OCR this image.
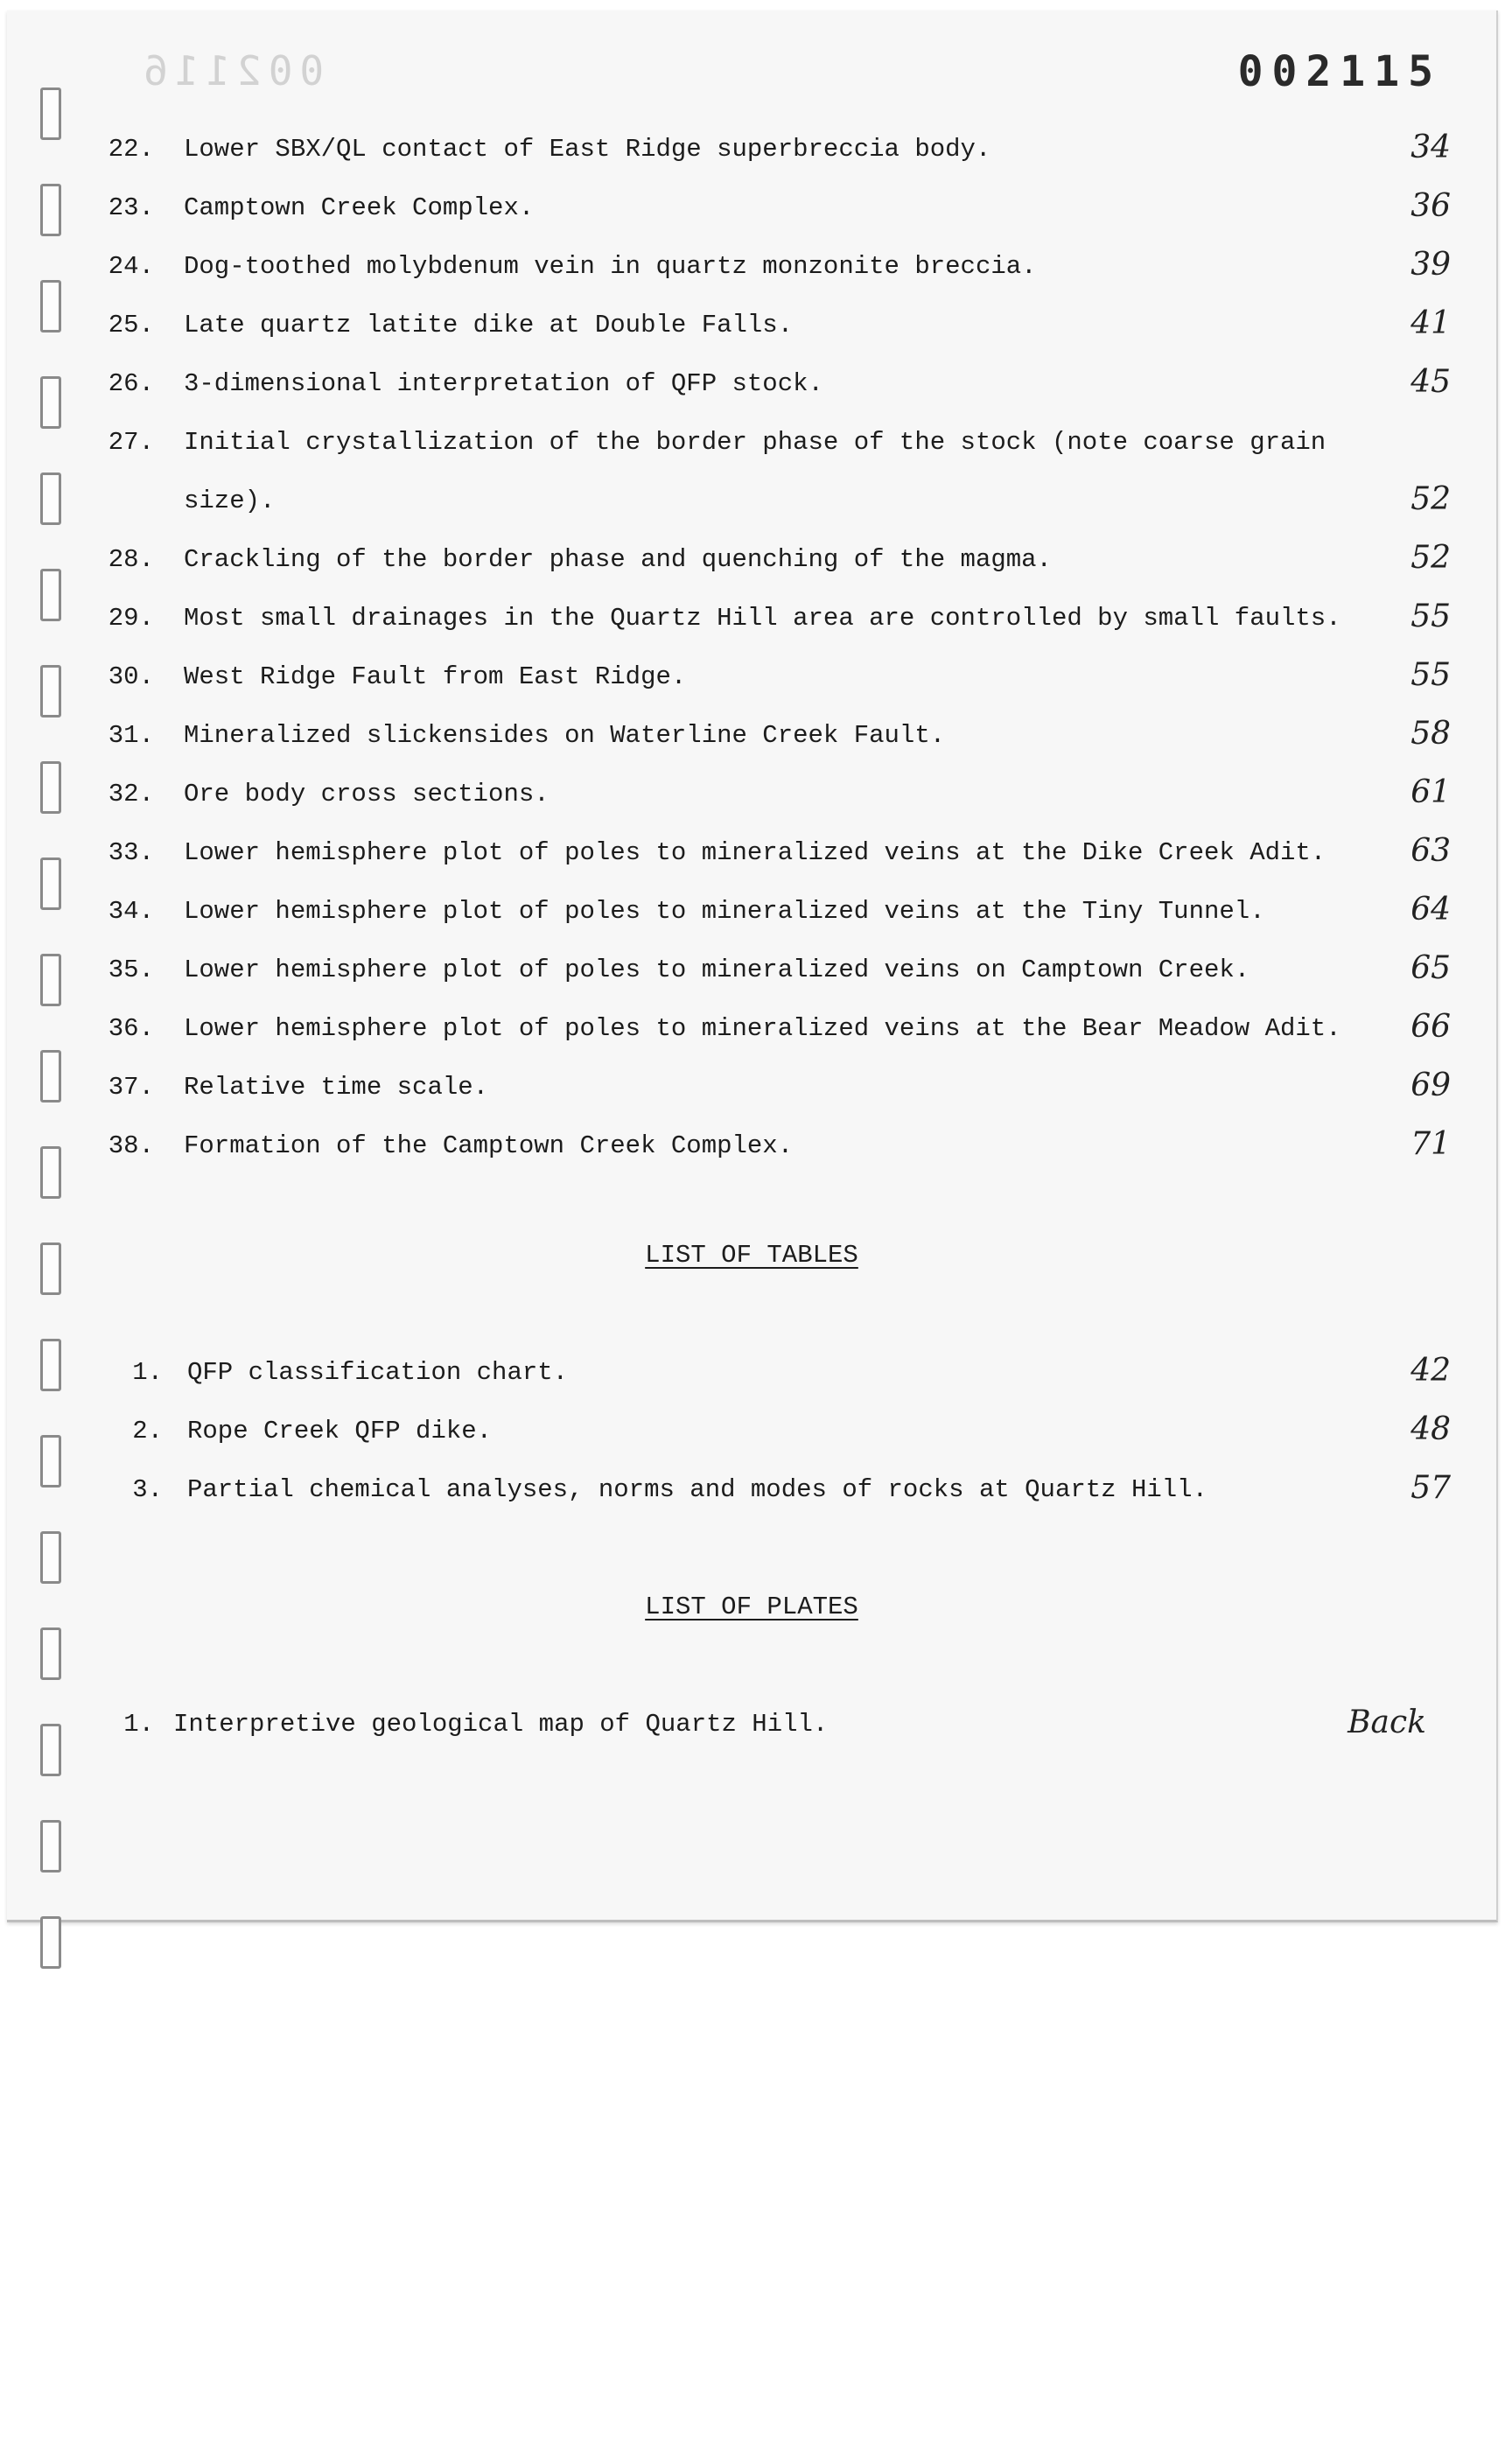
002116	002115
22. Lower SBX/QL contact of East Ridge superbreccia body.	34
23. Camptown Creek Complex.	36
24. Dog-toothed molybdenum vein in quartz monzonite breccia.	39
25. Late quartz latite dike at Double Falls.	41
26. 3-dimensional interpretation of QFP stock.	45
27. Initial crystallization of the border phase of the stock (note coarse grain
size).	52
28. Crackling of the border phase and quenching of the magma.	52
29. Most small drainages in the Quartz Hill area are controlled by small faults.	55
30. West Ridge Fault from East Ridge.	55
31. Mineralized slickensides on Waterline Creek Fault.	58
32. Ore body cross sections.	61
33. Lower hemisphere plot of poles to mineralized veins at the Dike Creek Adit.	63
34. Lower hemisphere plot of poles to mineralized veins at the Tiny Tunnel.	64
35. Lower hemisphere plot of poles to mineralized veins on Camptown Creek.	65
36. Lower hemisphere plot of poles to mineralized veins at the Bear Meadow Adit.	66
37. Relative time scale.	69
38. Formation of the Camptown Creek Complex.	71
LIST OF TABLES
1. QFP classification chart.	42
2. Rope Creek QFP dike.	48
3. Partial chemical analyses, norms and modes of rocks at Quartz Hill.	57
LIST OF PLATES
1. Interpretive geological map of Quartz Hill.	Back
